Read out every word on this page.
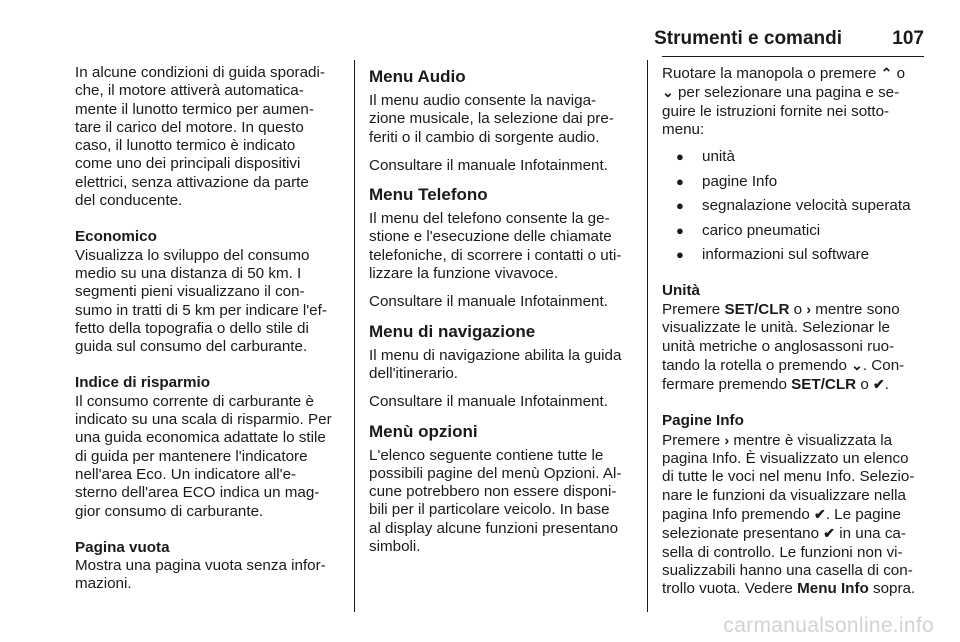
Strumenti e comandi	107

In alcune condizioni di guida sporadi-
che, il motore attiverà automatica-
mente il lunotto termico per aumen-
tare il carico del motore. In questo
caso, il lunotto termico è indicato
come uno dei principali dispositivi
elettrici, senza attivazione da parte
del conducente.

Economico
Visualizza lo sviluppo del consumo
medio su una distanza di 50 km. I
segmenti pieni visualizzano il con-
sumo in tratti di 5 km per indicare l'ef-
fetto della topografia o dello stile di
guida sul consumo del carburante.

Indice di risparmio
Il consumo corrente di carburante è
indicato su una scala di risparmio. Per
una guida economica adattate lo stile
di guida per mantenere l'indicatore
nell'area Eco. Un indicatore all'e-
sterno dell'area ECO indica un mag-
gior consumo di carburante.

Pagina vuota
Mostra una pagina vuota senza infor-
mazioni.

Menu Audio

Il menu audio consente la naviga-
zione musicale, la selezione dai pre-
feriti o il cambio di sorgente audio.

Consultare il manuale Infotainment.

Menu Telefono

Il menu del telefono consente la ge-
stione e l'esecuzione delle chiamate
telefoniche, di scorrere i contatti o uti-
lizzare la funzione vivavoce.

Consultare il manuale Infotainment.

Menu di navigazione

Il menu di navigazione abilita la guida
dell'itinerario.

Consultare il manuale Infotainment.

Menù opzioni

L'elenco seguente contiene tutte le
possibili pagine del menù Opzioni. Al-
cune potrebbero non essere disponi-
bili per il particolare veicolo. In base
al display alcune funzioni presentano
simboli.

Ruotare la manopola o premere ⌃ o
⌄ per selezionare una pagina e se-
guire le istruzioni fornite nei sotto-
menu:

● unità
● pagine Info
● segnalazione velocità superata
● carico pneumatici
● informazioni sul software

Unità
Premere SET/CLR o › mentre sono
visualizzate le unità. Selezionar le
unità metriche o anglosassoni ruo-
tando la rotella o premendo ⌄. Con-
fermare premendo SET/CLR o ✔.

Pagine Info
Premere › mentre è visualizzata la
pagina Info. È visualizzato un elenco
di tutte le voci nel menu Info. Selezio-
nare le funzioni da visualizzare nella
pagina Info premendo ✔. Le pagine
selezionate presentano ✔ in una ca-
sella di controllo. Le funzioni non vi-
sualizzabili hanno una casella di con-
trollo vuota. Vedere Menu Info sopra.

carmanualsonline.info
